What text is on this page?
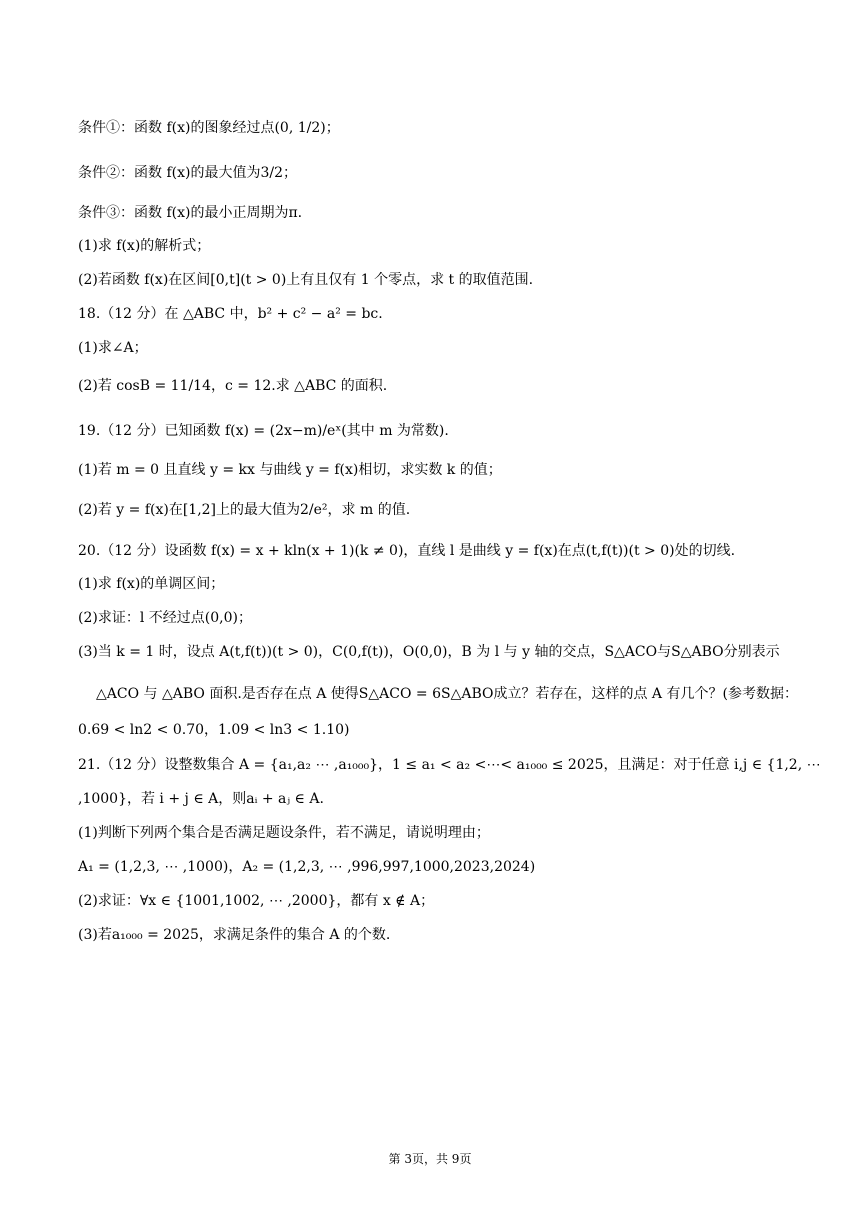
条件①：函数 f(x)的图象经过点(0, 1/2)；
条件②：函数 f(x)的最大值为3/2；
条件③：函数 f(x)的最小正周期为π.
(1)求 f(x)的解析式；
(2)若函数 f(x)在区间[0,t](t > 0)上有且仅有 1 个零点，求 t 的取值范围.
18.（12 分）在 △ABC 中，b² + c² − a² = bc.
(1)求∠A；
(2)若 cosB = 11/14，c = 12.求 △ABC 的面积.
19.（12 分）已知函数 f(x) = (2x−m)/eˣ(其中 m 为常数).
(1)若 m = 0 且直线 y = kx 与曲线 y = f(x)相切，求实数 k 的值；
(2)若 y = f(x)在[1,2]上的最大值为2/e²，求 m 的值.
20.（12 分）设函数 f(x) = x + kln(x + 1)(k ≠ 0)，直线 l 是曲线 y = f(x)在点(t,f(t))(t > 0)处的切线.
(1)求 f(x)的单调区间；
(2)求证：l 不经过点(0,0)；
(3)当 k = 1 时，设点 A(t,f(t))(t > 0)，C(0,f(t))，O(0,0)，B 为 l 与 y 轴的交点，S△ACO与S△ABO分别表示
△ACO 与 △ABO 面积.是否存在点 A 使得S△ACO = 6S△ABO成立？若存在，这样的点 A 有几个？(参考数据：
0.69 < ln2 < 0.70，1.09 < ln3 < 1.10)
21.（12 分）设整数集合 A = {a₁,a₂ ⋯ ,a₁₀₀₀}，1 ≤ a₁ < a₂ <⋯< a₁₀₀₀ ≤ 2025，且满足：对于任意 i,j ∈ {1,2, ⋯
,1000}，若 i + j ∈ A，则aᵢ + aⱼ ∈ A.
(1)判断下列两个集合是否满足题设条件，若不满足，请说明理由；
A₁ = (1,2,3, ⋯ ,1000)，A₂ = (1,2,3, ⋯ ,996,997,1000,2023,2024)
(2)求证：∀x ∈ {1001,1002, ⋯ ,2000}，都有 x ∉ A；
(3)若a₁₀₀₀ = 2025，求满足条件的集合 A 的个数.
第 3页，共 9页
